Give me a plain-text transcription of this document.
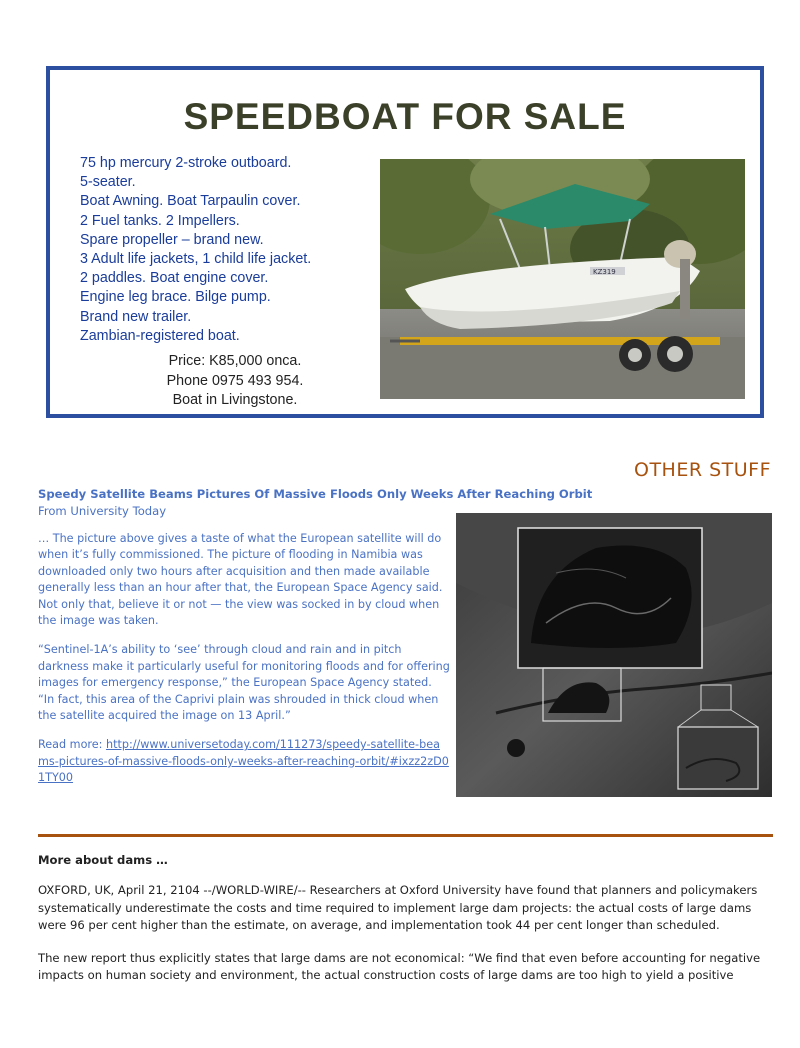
SPEEDBOAT FOR SALE
75 hp mercury 2-stroke outboard.
5-seater.
Boat Awning. Boat Tarpaulin cover.
2 Fuel tanks. 2 Impellers.
Spare propeller – brand new.
3 Adult life jackets, 1 child life jacket.
2 paddles. Boat engine cover.
Engine leg brace. Bilge pump.
Brand new trailer.
Zambian-registered boat.
Price: K85,000 onca.
Phone 0975 493 954.
Boat in Livingstone.
KZ319
OTHER STUFF

Speedy Satellite Beams Pictures Of Massive Floods Only Weeks After Reaching Orbit

From University Today

… The picture above gives a taste of what the European satellite will do when it’s fully commissioned. The picture of flooding in Namibia was downloaded only two hours after acquisition and then made available generally less than an hour after that, the European Space Agency said. Not only that, believe it or not — the view was socked in by cloud when the image was taken.

“Sentinel-1A’s ability to ‘see’ through cloud and rain and in pitch darkness make it particularly useful for monitoring floods and for offering images for emergency response,” the European Space Agency stated. “In fact, this area of the Caprivi plain was shrouded in thick cloud when the satellite acquired the image on 13 April.”

Read more: http://www.universetoday.com/111273/speedy-satellite-beams-pictures-of-massive-floods-only-weeks-after-reaching-orbit/#ixzz2zD01TY00

More about dams …

OXFORD, UK, April 21, 2104 --/WORLD-WIRE/-- Researchers at Oxford University have found that planners and policymakers systematically underestimate the costs and time required to implement large dam projects: the actual costs of large dams were 96 per cent higher than the estimate, on average, and implementation took 44 per cent longer than scheduled.

The new report thus explicitly states that large dams are not economical: “We find that even before accounting for negative impacts on human society and environment, the actual construction costs of large dams are too high to yield a positive
